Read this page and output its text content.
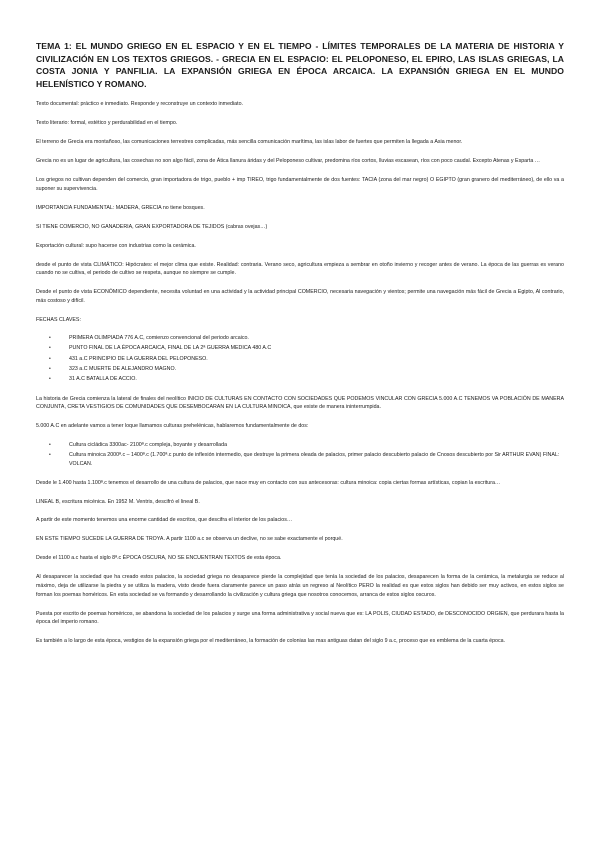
TEMA 1: EL MUNDO GRIEGO EN EL ESPACIO Y EN EL TIEMPO - LÍMITES TEMPORALES DE LA MATERIA DE HISTORIA Y CIVILIZACIÓN EN LOS TEXTOS GRIEGOS. - GRECIA EN EL ESPACIO: EL PELOPONESO, EL EPIRO, LAS ISLAS GRIEGAS, LA COSTA JONIA Y PANFILIA. LA EXPANSIÓN GRIEGA EN ÉPOCA ARCAICA. LA EXPANSIÓN GRIEGA EN EL MUNDO HELENÍSTICO Y ROMANO.

Texto documental: práctico e inmediato. Responde y reconstruye un contexto inmediato.

Texto literario: formal, estético y perdurabilidad en el tiempo.

El terreno de Grecia era montañoso, las comunicaciones terrestres complicadas, más sencilla comunicación marítima, las islas labor de fuertes que permiten la llegada a Asia menor.

Grecia no es un lugar de agricultura, las cosechas no son algo fácil, zona de Ática llanura áridas y del Peloponeso cultivar, predomina ríos cortos, lluvias escasean, ríos con poco caudal. Excepto Atenas y Esparta …

Los griegos no cultivan dependen del comercio, gran importadora de trigo, pueblo + imp TIREO, trigo fundamentalmente de dos fuentes: TACIA (zona del mar negro) O EGIPTO (gran granero del mediterráneo), de ello va a suponer su supervivencia.

IMPORTANCIA FUNDAMENTAL: MADERA, GRECIA no tiene bosques.

SI TIENE COMERCIO, NO GANADERIA, GRAN EXPORTADORA DE TEJIDOS (cabras ovejas…)

Exportación cultural: supo hacerse con industrias como la cerámica.

desde el punto de vista CLIMÁTICO: Hipócrates: el mejor clima que existe. Realidad: contraria. Verano seco, agricultura empieza a sembrar en otoño invierno y recoger antes de verano. La época de las guerras es verano cuando no se cultiva, el periodo de cultivo se respeta, aunque no siempre se cumple.

Desde el punto de vista ECONÓMICO dependiente, necesita voluntad en una actividad y la actividad principal COMERCIO, necesaria navegación y vientos; permite una navegación más fácil de Grecia a Egipto, Al contrario, más costoso y difícil.

FECHAS CLAVES:

•	PRIMERA OLIMPIADA 776 A.C, comienzo convencional del periodo arcaico.
•	PUNTO FINAL DE LA ÉPOCA ARCAICA, FINAL DE LA 2ª GUERRA MEDICA 480 A.C
•	431 a.C PRINCIPIO DE LA GUERRA DEL PELOPONESO.
•	323 a.C MUERTE DE ALEJANDRO MAGNO.
•	31 A.C BATALLA DE ACCIO.

La historia de Grecia comienza la lateral de finales del neolítico INICIO DE CULTURAS EN CONTACTO CON SOCIEDADES QUE PODEMOS VINCULAR CON GRECIA 5.000 A.C TENEMOS VA POBLACIÓN DE MANERA CONJUNTA, CRETA VESTIGIOS DE COMUNIDADES QUE DESEMBOCARAN EN LA CULTURA MINOICA, que existe de manera ininterrumpida.

5.000 A.C en adelante vamos a tener loque llamamos culturas prehelénicas, hablaremos fundamentalmente de dos:

•	Cultura cicládica 3300ac- 2100ª.c compleja, boyante y desarrollada
•	Cultura minoica 2000ª.c – 1400ª.c (1.700ª.c punto de inflexión intermedio, que destruye la primera oleada de palacios, primer palacio descubierto palacio de Cnosos descubierto por Sir ARTHUR EVAN) FINAL: VOLCAN.

Desde le 1.400 hasta 1.100ª.c tenemos el desarrollo de una cultura de palacios, que nace muy en contacto con sus antecesoras: cultura minoica: copia ciertas formas artísticas, copian la escritura…

LINEAL B, escritura micénica. En 1952 M. Ventris, descifró el lineal B.

A partir de este momento tenemos una enorme cantidad de escritos, que descifra el interior de los palacios…

EN ESTE TIEMPO SUCEDE LA GUERRA DE TROYA. A partir 1100 a.c se observa un declive, no se sabe exactamente el porqué.

Desde el 1100 a.c hasta el siglo 8ª.c ÉPOCA OSCURA, NO SE ENCUENTRAN TEXTOS de esta época.

Al desaparecer la sociedad que ha creado estos palacios, la sociedad griega no desaparece pierde la complejidad que tenía la sociedad de los palacios, desaparecen la forma de la cerámica, la metalurgia se reduce al máximo, deja de utilizarse la piedra y se utiliza la madera, visto desde fuera claramente parece un paso atrás un regreso al Neolítico PERO la realidad es que estos siglos han debido ser muy activos, en estos siglos se forman los poemas homéricos. En esta sociedad se va formando y desarrollando la civilización y cultura griega que nosotros conocemos, arranca de estos siglos oscuros.

Puesta por escrito de poemas homéricos, se abandona la sociedad de los palacios y surge una forma administrativa y social nueva que es: LA POLIS, CIUDAD ESTADO, de DESCONOCIDO ORGIEN, que perdurara hasta la época del imperio romano.

Es también a lo largo de esta época, vestigios de la expansión griega por el mediterráneo, la formación de colonias las mas antiguas datan del siglo 9 a.c, proceso que es emblema de la cuarta época.
